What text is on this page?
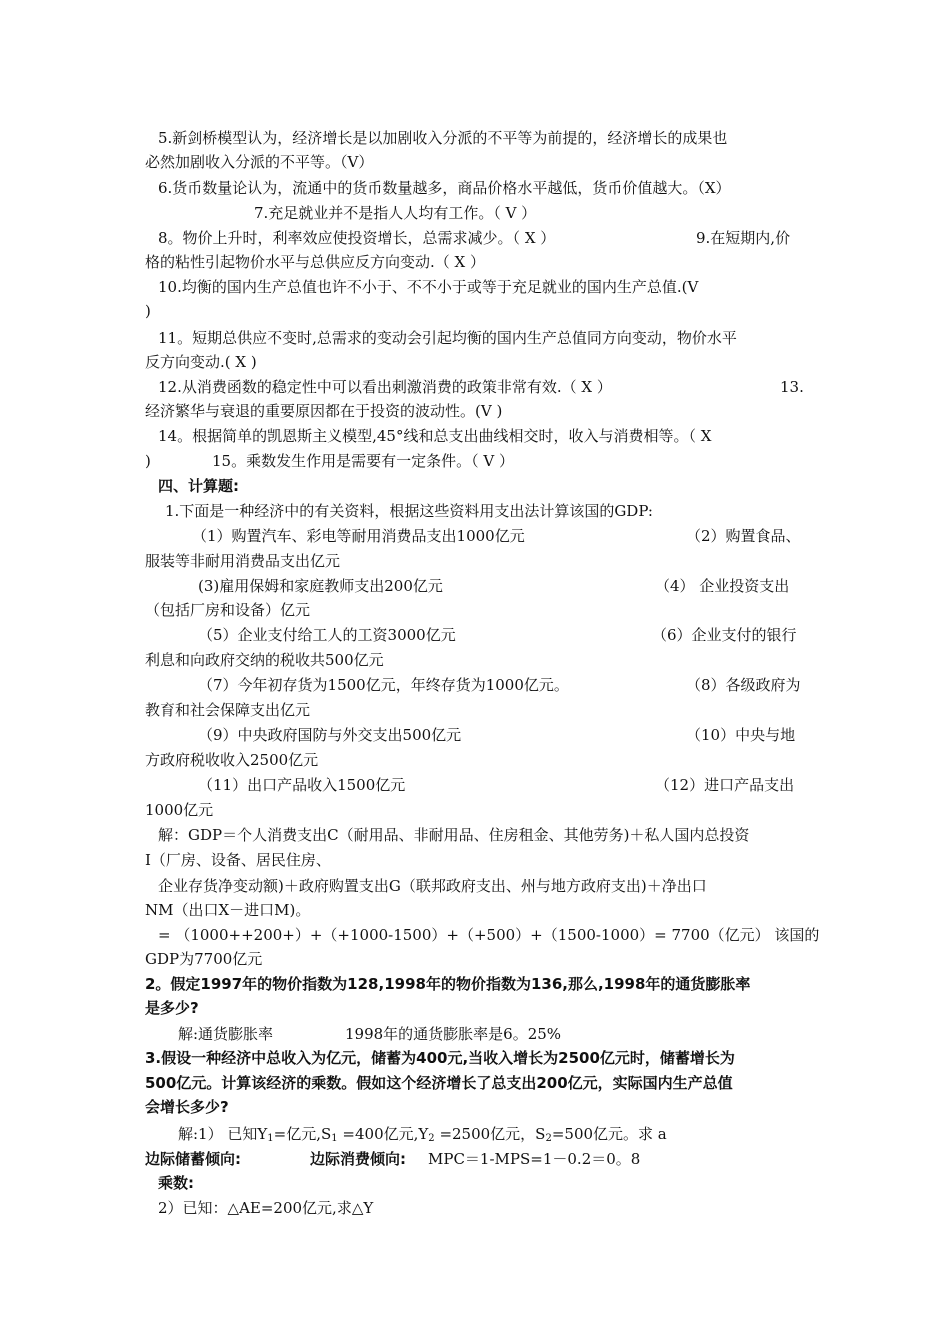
5.新剑桥模型认为，经济增长是以加剧收入分派的不平等为前提的，经济增长的成果也
必然加剧收入分派的不平等。（V）
6.货币数量论认为，流通中的货币数量越多，商品价格水平越低，货币价值越大。（X）
7.充足就业并不是指人人均有工作。（ V ）
8。物价上升时，利率效应使投资增长，总需求减少。（ X ）	9.在短期内,价
格的粘性引起物价水平与总供应反方向变动.（ X ）
10.均衡的国内生产总值也许不小于、不不小于或等于充足就业的国内生产总值.(V
)
11。短期总供应不变时,总需求的变动会引起均衡的国内生产总值同方向变动，物价水平
反方向变动.( X )
12.从消费函数的稳定性中可以看出刺激消费的政策非常有效.（ X ）	13.
经济繁华与衰退的重要原因都在于投资的波动性。(V )
14。根据简单的凯恩斯主义模型,45°线和总支出曲线相交时，收入与消费相等。（ X
)	15。乘数发生作用是需要有一定条件。（ V ）
四、计算题:
1.下面是一种经济中的有关资料，根据这些资料用支出法计算该国的GDP:
（1）购置汽车、彩电等耐用消费品支出1000亿元	（2）购置食品、
服装等非耐用消费品支出亿元
(3)雇用保姆和家庭教师支出200亿元	（4） 企业投资支出
（包括厂房和设备）亿元
（5）企业支付给工人的工资3000亿元	（6）企业支付的银行
利息和向政府交纳的税收共500亿元
（7）今年初存货为1500亿元，年终存货为1000亿元。	（8）各级政府为
教育和社会保障支出亿元
（9）中央政府国防与外交支出500亿元	（10）中央与地
方政府税收收入2500亿元
（11）出口产品收入1500亿元	（12）进口产品支出
1000亿元
解：GDP＝个人消费支出C（耐用品、非耐用品、住房租金、其他劳务)＋私人国内总投资
I（厂房、设备、居民住房、
企业存货净变动额)＋政府购置支出G（联邦政府支出、州与地方政府支出)＋净出口
NM（出口X－进口M)。
= （1000++200+）+（+1000-1500）+（+500）+（1500-1000）= 7700（亿元） 该国的
GDP为7700亿元
2。假定1997年的物价指数为128,1998年的物价指数为136,那么,1998年的通货膨胀率
是多少?
解:通货膨胀率	1998年的通货膨胀率是6。25%
3.假设一种经济中总收入为亿元，储蓄为400元,当收入增长为2500亿元时，储蓄增长为
500亿元。计算该经济的乘数。假如这个经济增长了总支出200亿元，实际国内生产总值
会增长多少?
解:1） 已知$Y_1=$亿元$,S_1 =400$亿元$,Y_2 =2500$亿元，$S_2=500$亿元。求 a
边际储蓄倾向:	边际消费倾向: MPC＝1-MPS=1－0.2＝0。8
乘数:
2）已知：△AE=200亿元,求△Y
